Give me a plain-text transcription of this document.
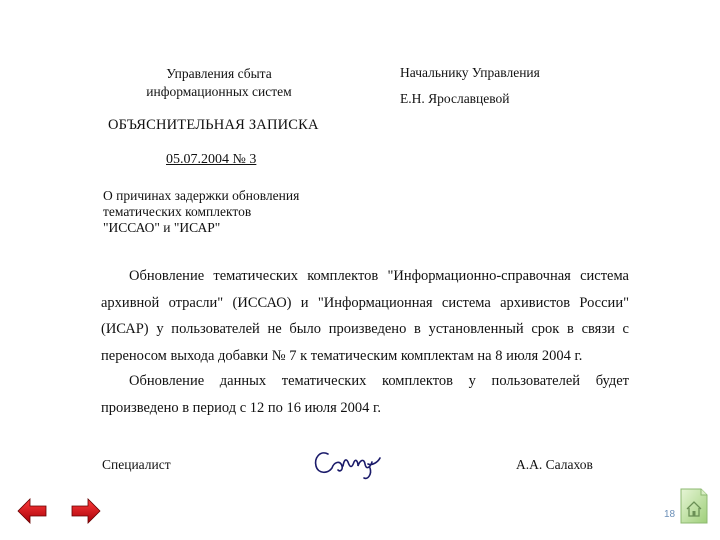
Управления сбыта
информационных систем
Начальнику Управления
Е.Н. Ярославцевой
ОБЪЯСНИТЕЛЬНАЯ ЗАПИСКА
05.07.2004 № 3
О причинах задержки обновления
тематических комплектов
"ИССАО" и "ИСАР"
Обновление тематических комплектов "Информационно-справочная система архивной отрасли" (ИССАО) и "Информационная система архивистов России" (ИСАР) у пользователей не было произведено в установленный срок в связи с переносом выхода добавки № 7 к тематическим комплектам на 8 июля 2004 г.
Обновление данных тематических комплектов у пользователей будет произведено в период с 12 по 16 июля 2004 г.
Специалист	А.А. Салахов
18
